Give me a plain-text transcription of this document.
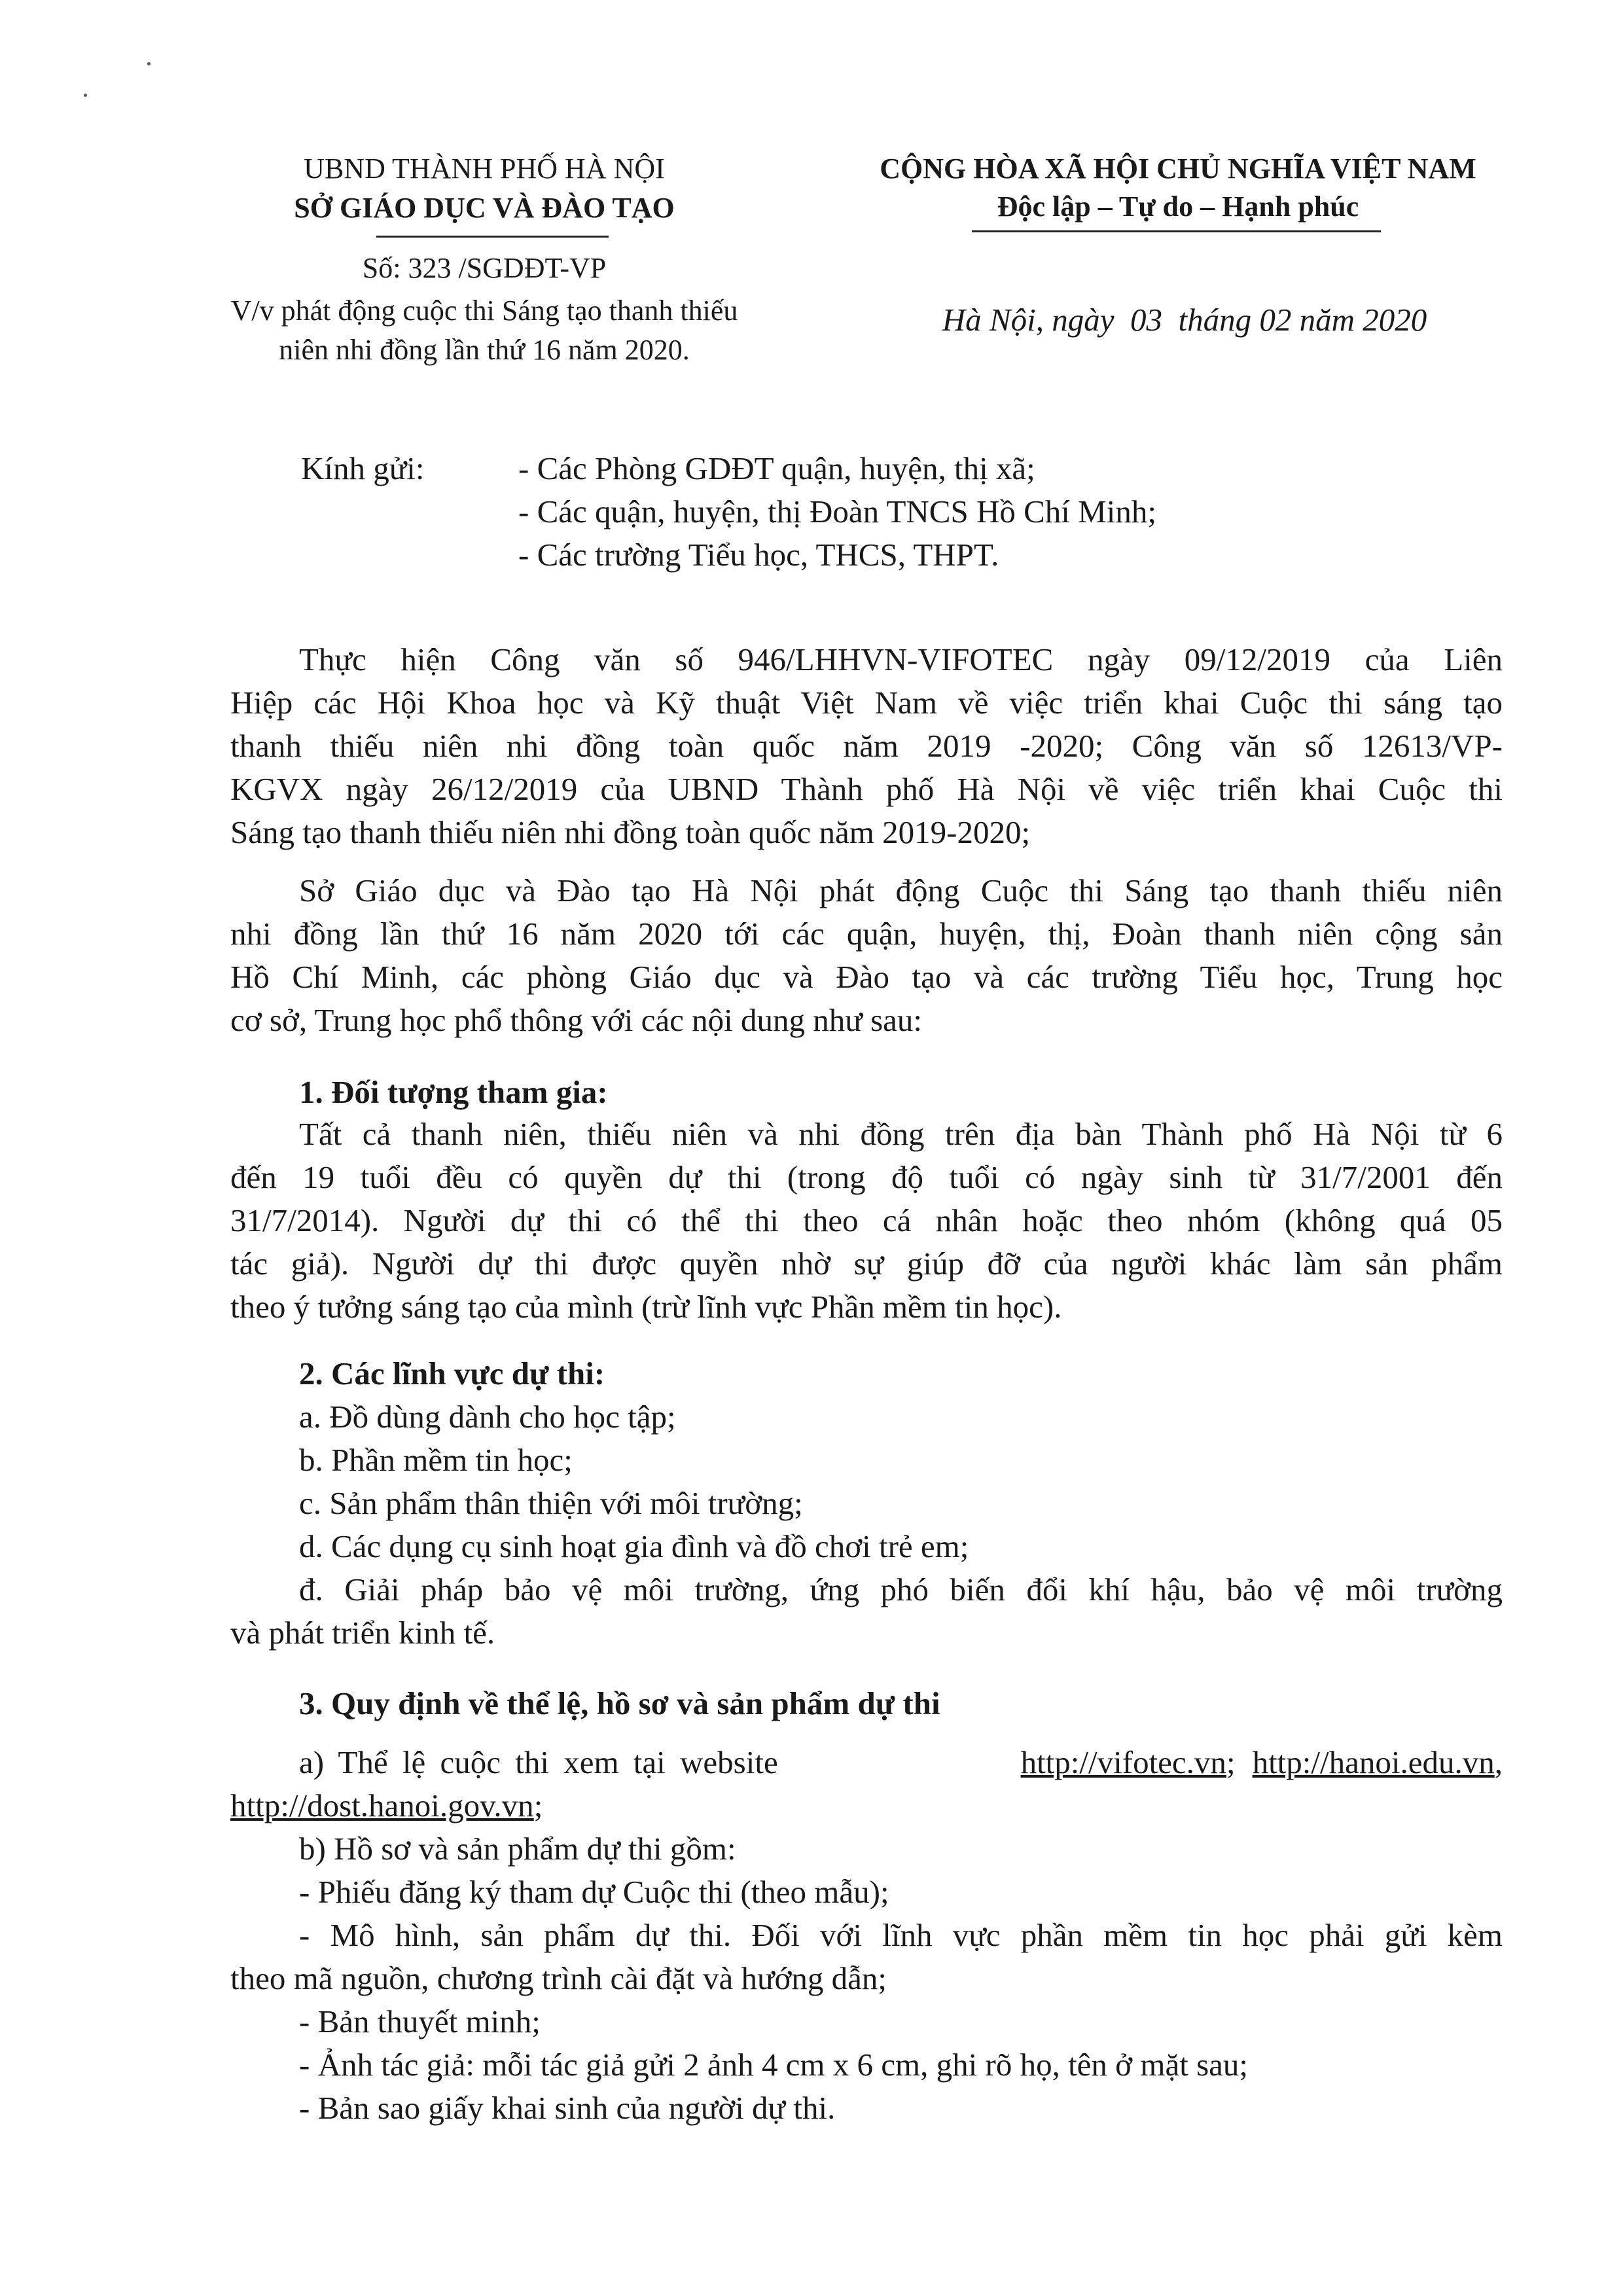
UBND THÀNH PHỐ HÀ NỘI
SỞ GIÁO DỤC VÀ ĐÀO TẠO
Số: 323 /SGDĐT-VP
V/v phát động cuộc thi Sáng tạo thanh thiếu
niên nhi đồng lần thứ 16 năm 2020.
CỘNG HÒA XÃ HỘI CHỦ NGHĨA VIỆT NAM
Độc lập – Tự do – Hạnh phúc
Hà Nội, ngày  03  tháng 02 năm 2020
Kính gửi:	- Các Phòng GDĐT quận, huyện, thị xã;
- Các quận, huyện, thị Đoàn TNCS Hồ Chí Minh;
- Các trường Tiểu học, THCS, THPT.
Thực hiện Công văn số 946/LHHVN-VIFOTEC ngày 09/12/2019 của Liên
Hiệp các Hội Khoa học và Kỹ thuật Việt Nam về việc triển khai Cuộc thi sáng tạo
thanh thiếu niên nhi đồng toàn quốc năm 2019 -2020; Công văn số 12613/VP-
KGVX ngày 26/12/2019 của UBND Thành phố Hà Nội về việc triển khai Cuộc thi
Sáng tạo thanh thiếu niên nhi đồng toàn quốc năm 2019-2020;
Sở Giáo dục và Đào tạo Hà Nội phát động Cuộc thi Sáng tạo thanh thiếu niên
nhi đồng lần thứ 16 năm 2020 tới các quận, huyện, thị, Đoàn thanh niên cộng sản
Hồ Chí Minh, các phòng Giáo dục và Đào tạo và các trường Tiểu học, Trung học
cơ sở, Trung học phổ thông với các nội dung như sau:
1. Đối tượng tham gia:
Tất cả thanh niên, thiếu niên và nhi đồng trên địa bàn Thành phố Hà Nội từ 6
đến 19 tuổi đều có quyền dự thi (trong độ tuổi có ngày sinh từ 31/7/2001 đến
31/7/2014). Người dự thi có thể thi theo cá nhân hoặc theo nhóm (không quá 05
tác giả). Người dự thi được quyền nhờ sự giúp đỡ của người khác làm sản phẩm
theo ý tưởng sáng tạo của mình (trừ lĩnh vực Phần mềm tin học).
2. Các lĩnh vực dự thi:
a. Đồ dùng dành cho học tập;
b. Phần mềm tin học;
c. Sản phẩm thân thiện với môi trường;
d. Các dụng cụ sinh hoạt gia đình và đồ chơi trẻ em;
đ. Giải pháp bảo vệ môi trường, ứng phó biến đổi khí hậu, bảo vệ môi trường
và phát triển kinh tế.
3. Quy định về thể lệ, hồ sơ và sản phẩm dự thi
a) Thể lệ cuộc thi xem tại website	http://vifotec.vn ; http://hanoi.edu.vn ,
http://dost.hanoi.gov.vn;
b) Hồ sơ và sản phẩm dự thi gồm:
- Phiếu đăng ký tham dự Cuộc thi (theo mẫu);
- Mô hình, sản phẩm dự thi. Đối với lĩnh vực phần mềm tin học phải gửi kèm
theo mã nguồn, chương trình cài đặt và hướng dẫn;
- Bản thuyết minh;
- Ảnh tác giả: mỗi tác giả gửi 2 ảnh 4 cm x 6 cm, ghi rõ họ, tên ở mặt sau;
- Bản sao giấy khai sinh của người dự thi.
